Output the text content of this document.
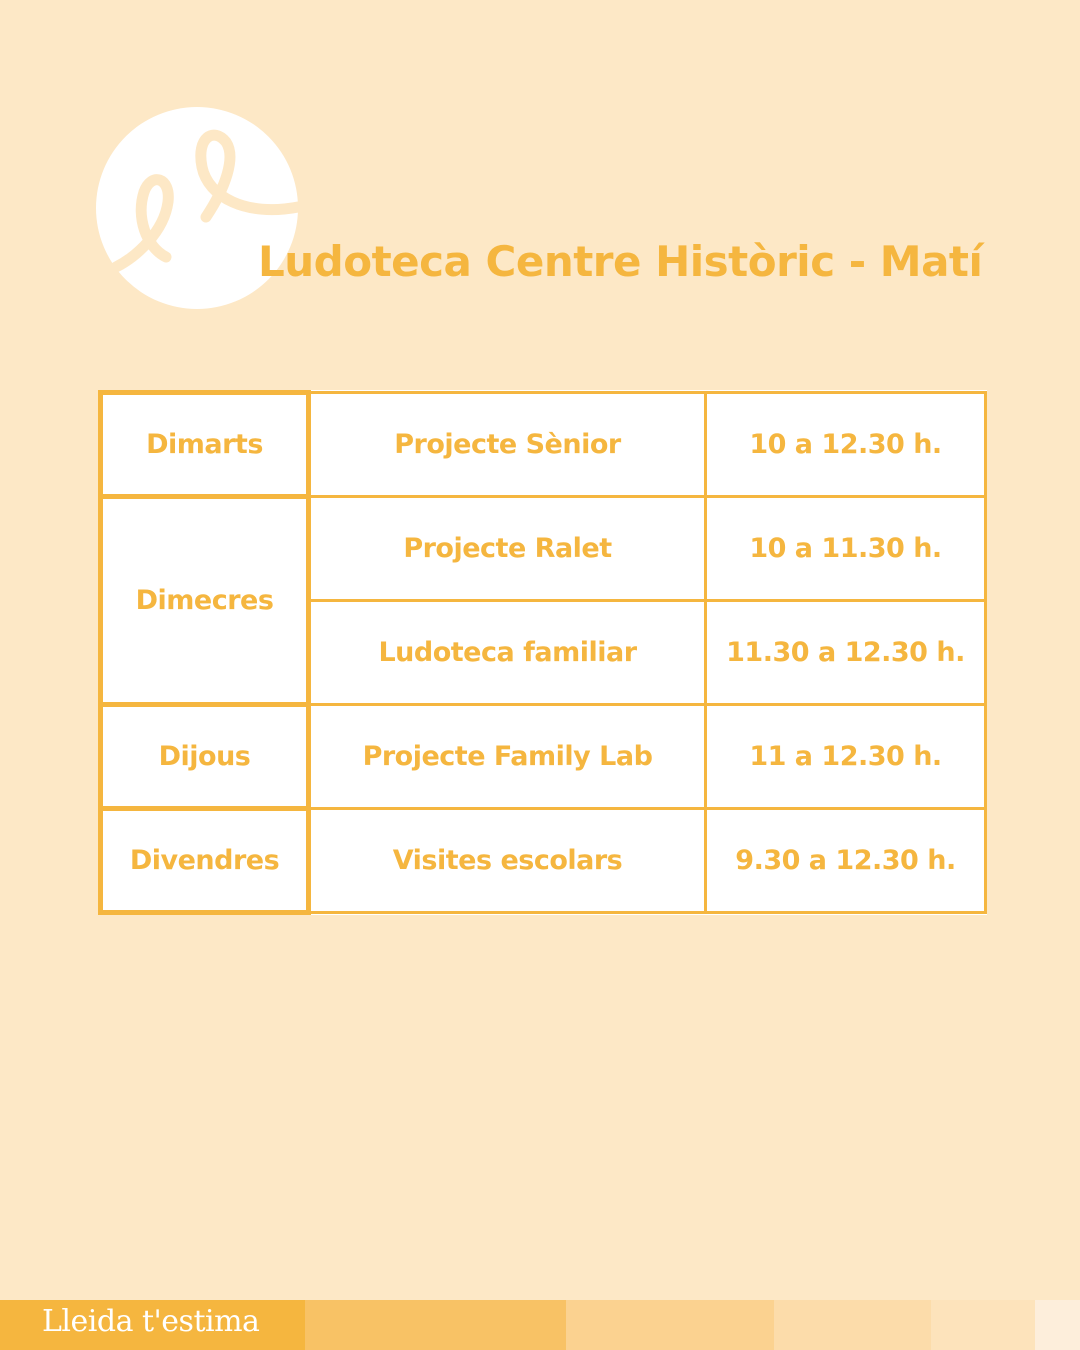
Ludoteca Centre Històric - Matí
Dimarts	Projecte Sènior	10 a 12.30 h.
Dimecres	Projecte Ralet	10 a 11.30 h.
	Ludoteca familiar	11.30 a 12.30 h.
Dijous	Projecte Family Lab	11 a 12.30 h.
Divendres	Visites escolars	9.30 a 12.30 h.
Lleida t'estima
